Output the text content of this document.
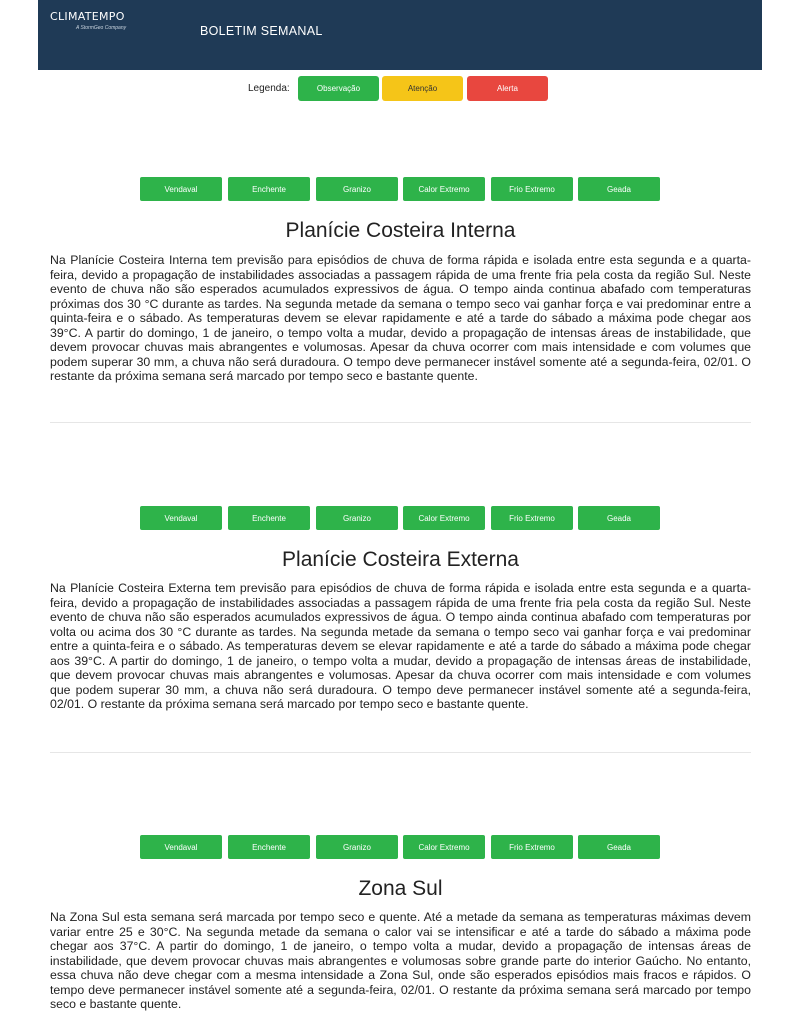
CLIMATEMPO
A StormGeo Company	BOLETIM SEMANAL
Legenda:	Observação	Atenção	Alerta
Vendaval	Enchente	Granizo	Calor Extremo	Frio Extremo	Geada
Planície Costeira Interna

Na Planície Costeira Interna tem previsão para episódios de chuva de forma rápida e isolada entre esta segunda e a quarta-feira, devido a propagação de instabilidades associadas a passagem rápida de uma frente fria pela costa da região Sul. Neste evento de chuva não são esperados acumulados expressivos de água. O tempo ainda continua abafado com temperaturas próximas dos 30 °C durante as tardes. Na segunda metade da semana o tempo seco vai ganhar força e vai predominar entre a quinta-feira e o sábado. As temperaturas devem se elevar rapidamente e até a tarde do sábado a máxima pode chegar aos 39°C. A partir do domingo, 1 de janeiro, o tempo volta a mudar, devido a propagação de intensas áreas de instabilidade, que devem provocar chuvas mais abrangentes e volumosas. Apesar da chuva ocorrer com mais intensidade e com volumes que podem superar 30 mm, a chuva não será duradoura. O tempo deve permanecer instável somente até a segunda-feira, 02/01. O restante da próxima semana será marcado por tempo seco e bastante quente.

Vendaval	Enchente	Granizo	Calor Extremo	Frio Extremo	Geada
Planície Costeira Externa

Na Planície Costeira Externa tem previsão para episódios de chuva de forma rápida e isolada entre esta segunda e a quarta-feira, devido a propagação de instabilidades associadas a passagem rápida de uma frente fria pela costa da região Sul. Neste evento de chuva não são esperados acumulados expressivos de água. O tempo ainda continua abafado com temperaturas por volta ou acima dos 30 °C durante as tardes. Na segunda metade da semana o tempo seco vai ganhar força e vai predominar entre a quinta-feira e o sábado. As temperaturas devem se elevar rapidamente e até a tarde do sábado a máxima pode chegar aos 39°C. A partir do domingo, 1 de janeiro, o tempo volta a mudar, devido a propagação de intensas áreas de instabilidade, que devem provocar chuvas mais abrangentes e volumosas. Apesar da chuva ocorrer com mais intensidade e com volumes que podem superar 30 mm, a chuva não será duradoura. O tempo deve permanecer instável somente até a segunda-feira, 02/01. O restante da próxima semana será marcado por tempo seco e bastante quente.

Vendaval	Enchente	Granizo	Calor Extremo	Frio Extremo	Geada
Zona Sul

Na Zona Sul esta semana será marcada por tempo seco e quente. Até a metade da semana as temperaturas máximas devem variar entre 25 e 30°C. Na segunda metade da semana o calor vai se intensificar e até a tarde do sábado a máxima pode chegar aos 37°C. A partir do domingo, 1 de janeiro, o tempo volta a mudar, devido a propagação de intensas áreas de instabilidade, que devem provocar chuvas mais abrangentes e volumosas sobre grande parte do interior Gaúcho. No entanto, essa chuva não deve chegar com a mesma intensidade a Zona Sul, onde são esperados episódios mais fracos e rápidos. O tempo deve permanecer instável somente até a segunda-feira, 02/01. O restante da próxima semana será marcado por tempo seco e bastante quente.
